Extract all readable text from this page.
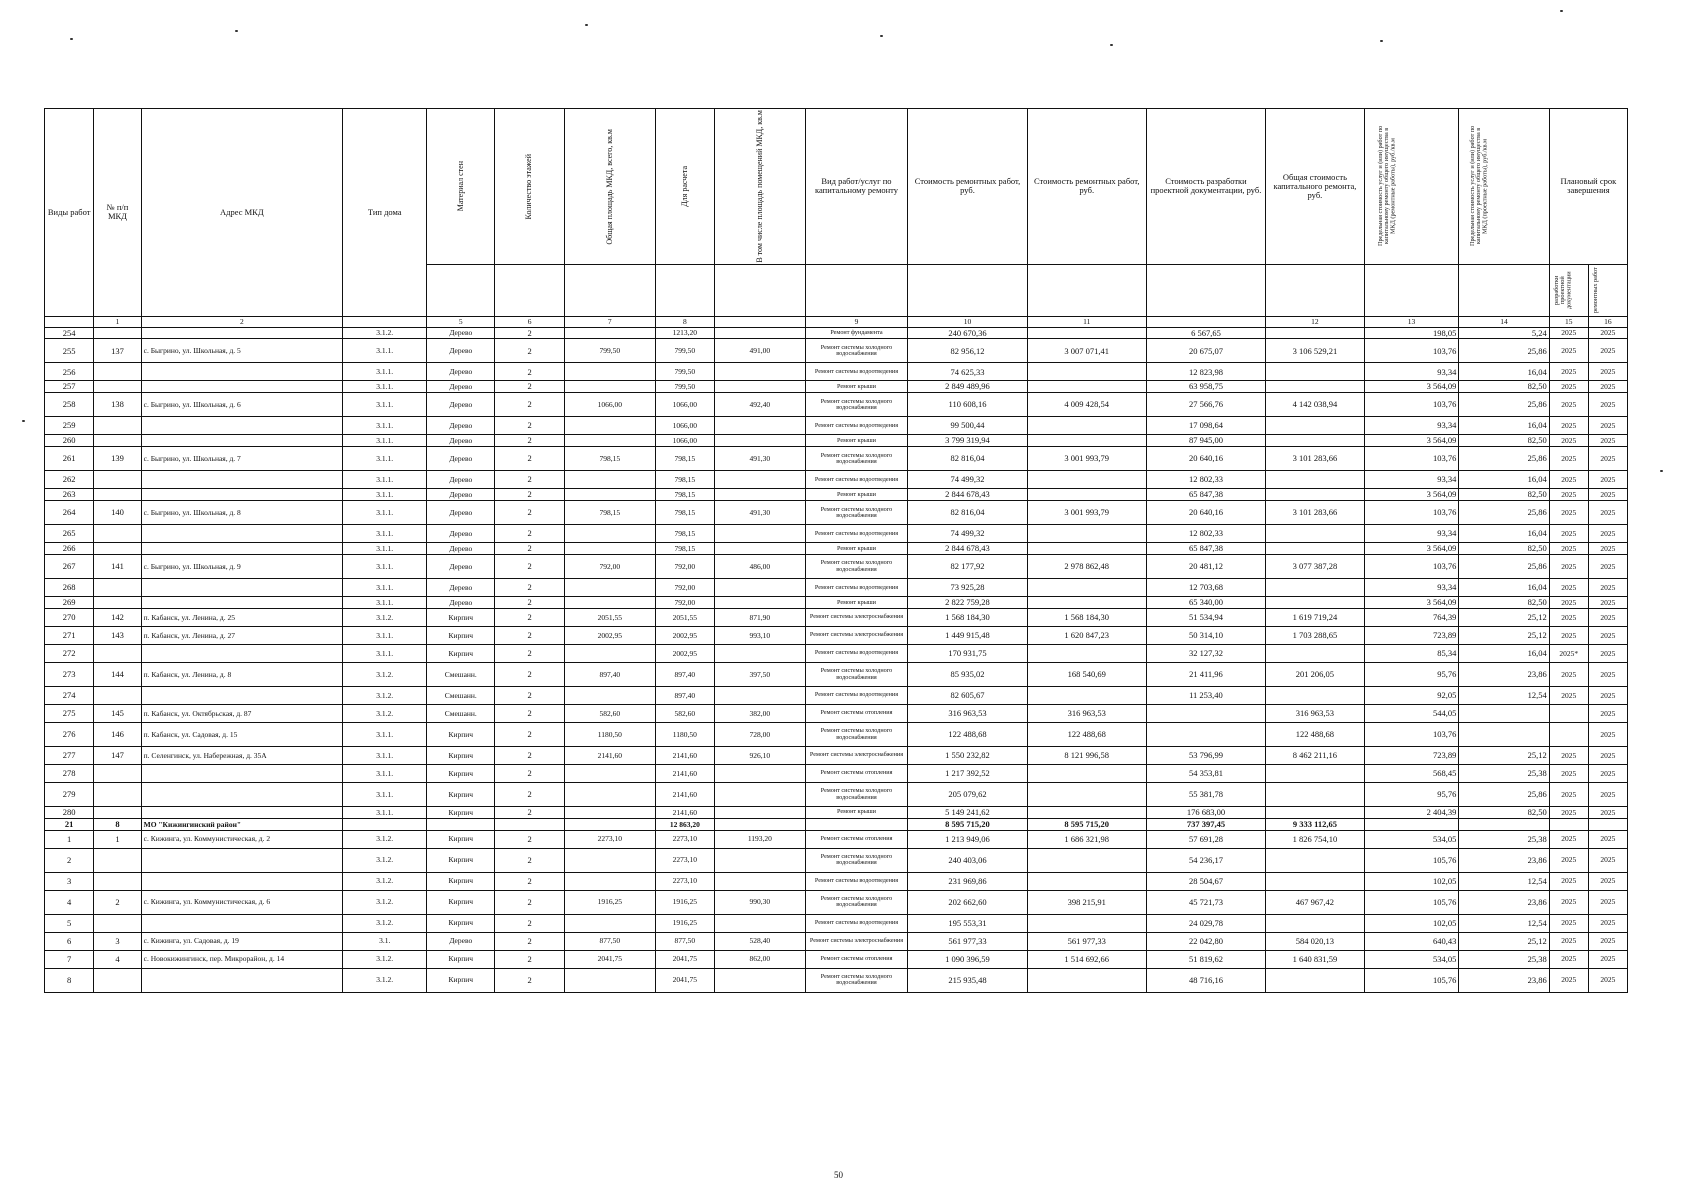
Виды работ	№ п/п МКД	Адрес МКД	Тип дома	Материал стен	Количество этажей	Общая площадь МКД, всего, кв.м	Для расчета	В том числе площадь помещений МКД, кв.м	Вид работ/услуг по капитальному ремонту	Стоимость ремонтных работ, руб.	Стоимость ремонтных работ, руб.	Стоимость разработки проектной документации, руб.	Общая стоимость капитального ремонта, руб.	Предельная стоимость услуг и (или) работ по капитальному ремонту общего имущества в МКД (ремонтные работы), руб./кв.м	Предельная стоимость услуг и (или) работ по капитальному ремонту общего имущества в МКД (проектные работы), руб./кв.м	Плановый срок завершения	

																разработки проектной документации	ремонтных работ

	1	2		5	6	7	8		9	10	11		12	13	14	15	16
254			3.1.2.	Дерево	2		1213,20		Ремонт фундамента	240 670,36		6 567,65		198,05	5,24	2025	2025
255	137	с. Быгрино, ул. Школьная, д. 5	3.1.1.	Дерево	2	799,50	799,50	491,00	Ремонт системы холодного водоснабжения	82 956,12	3 007 071,41	20 675,07	3 106 529,21	103,76	25,86	2025	2025
256			3.1.1.	Дерево	2		799,50		Ремонт системы водоотведения	74 625,33		12 823,98		93,34	16,04	2025	2025
257			3.1.1.	Дерево	2		799,50		Ремонт крыши	2 849 489,96		63 958,75		3 564,09	82,50	2025	2025
258	138	с. Быгрино, ул. Школьная, д. 6	3.1.1.	Дерево	2	1066,00	1066,00	492,40	Ремонт системы холодного водоснабжения	110 608,16	4 009 428,54	27 566,76	4 142 038,94	103,76	25,86	2025	2025
259			3.1.1.	Дерево	2		1066,00		Ремонт системы водоотведения	99 500,44		17 098,64		93,34	16,04	2025	2025
260			3.1.1.	Дерево	2		1066,00		Ремонт крыши	3 799 319,94		87 945,00		3 564,09	82,50	2025	2025
261	139	с. Быгрино, ул. Школьная, д. 7	3.1.1.	Дерево	2	798,15	798,15	491,30	Ремонт системы холодного водоснабжения	82 816,04	3 001 993,79	20 640,16	3 101 283,66	103,76	25,86	2025	2025
262			3.1.1.	Дерево	2		798,15		Ремонт системы водоотведения	74 499,32		12 802,33		93,34	16,04	2025	2025
263			3.1.1.	Дерево	2		798,15		Ремонт крыши	2 844 678,43		65 847,38		3 564,09	82,50	2025	2025
264	140	с. Быгрино, ул. Школьная, д. 8	3.1.1.	Дерево	2	798,15	798,15	491,30	Ремонт системы холодного водоснабжения	82 816,04	3 001 993,79	20 640,16	3 101 283,66	103,76	25,86	2025	2025
265			3.1.1.	Дерево	2		798,15		Ремонт системы водоотведения	74 499,32		12 802,33		93,34	16,04	2025	2025
266			3.1.1.	Дерево	2		798,15		Ремонт крыши	2 844 678,43		65 847,38		3 564,09	82,50	2025	2025
267	141	с. Быгрино, ул. Школьная, д. 9	3.1.1.	Дерево	2	792,00	792,00	486,00	Ремонт системы холодного водоснабжения	82 177,92	2 978 862,48	20 481,12	3 077 387,28	103,76	25,86	2025	2025
268			3.1.1.	Дерево	2		792,00		Ремонт системы водоотведения	73 925,28		12 703,68		93,34	16,04	2025	2025
269			3.1.1.	Дерево	2		792,00		Ремонт крыши	2 822 759,28		65 340,00		3 564,09	82,50	2025	2025
270	142	п. Кабанск, ул. Ленина, д. 25	3.1.2.	Кирпич	2	2051,55	2051,55	871,90	Ремонт системы электроснабжения	1 568 184,30	1 568 184,30	51 534,94	1 619 719,24	764,39	25,12	2025	2025
271	143	п. Кабанск, ул. Ленина, д. 27	3.1.1.	Кирпич	2	2002,95	2002,95	993,10	Ремонт системы электроснабжения	1 449 915,48	1 620 847,23	50 314,10	1 703 288,65	723,89	25,12	2025	2025
272			3.1.1.	Кирпич	2		2002,95		Ремонт системы водоотведения	170 931,75		32 127,32		85,34	16,04	2025*	2025
273	144	п. Кабанск, ул. Ленина, д. 8	3.1.2.	Смешанн.	2	897,40	897,40	397,50	Ремонт системы холодного водоснабжения	85 935,02	168 540,69	21 411,96	201 206,05	95,76	23,86	2025	2025
274			3.1.2.	Смешанн.	2		897,40		Ремонт системы водоотведения	82 605,67		11 253,40		92,05	12,54	2025	2025
275	145	п. Кабанск, ул. Октябрьская, д. 87	3.1.2.	Смешанн.	2	582,60	582,60	382,00	Ремонт системы отопления	316 963,53	316 963,53		316 963,53	544,05			2025
276	146	п. Кабанск, ул. Садовая, д. 15	3.1.1.	Кирпич	2	1180,50	1180,50	728,00	Ремонт системы холодного водоснабжения	122 488,68	122 488,68		122 488,68	103,76			2025
277	147	п. Селенгинск, ул. Набережная, д. 35А	3.1.1.	Кирпич	2	2141,60	2141,60	926,10	Ремонт системы электроснабжения	1 550 232,82	8 121 996,58	53 796,99	8 462 211,16	723,89	25,12	2025	2025
278			3.1.1.	Кирпич	2		2141,60		Ремонт системы отопления	1 217 392,52		54 353,81		568,45	25,38	2025	2025
279			3.1.1.	Кирпич	2		2141,60		Ремонт системы холодного водоснабжения	205 079,62		55 381,78		95,76	25,86	2025	2025
280			3.1.1.	Кирпич	2		2141,60		Ремонт крыши	5 149 241,62		176 683,00		2 404,39	82,50	2025	2025
21	8	МО "Кижингинский район"					12 863,20			8 595 715,20	8 595 715,20	737 397,45	9 333 112,65				
1	1	с. Кижинга, ул. Коммунистическая, д. 2	3.1.2.	Кирпич	2	2273,10	2273,10	1193,20	Ремонт системы отопления	1 213 949,06	1 686 321,98	57 691,28	1 826 754,10	534,05	25,38	2025	2025
2			3.1.2.	Кирпич	2		2273,10		Ремонт системы холодного водоснабжения	240 403,06		54 236,17		105,76	23,86	2025	2025
3			3.1.2.	Кирпич	2		2273,10		Ремонт системы водоотведения	231 969,86		28 504,67		102,05	12,54	2025	2025
4	2	с. Кижинга, ул. Коммунистическая, д. 6	3.1.2.	Кирпич	2	1916,25	1916,25	990,30	Ремонт системы холодного водоснабжения	202 662,60	398 215,91	45 721,73	467 967,42	105,76	23,86	2025	2025
5			3.1.2.	Кирпич	2		1916,25		Ремонт системы водоотведения	195 553,31		24 029,78		102,05	12,54	2025	2025
6	3	с. Кижинга, ул. Садовая, д. 19	3.1.	Дерево	2	877,50	877,50	528,40	Ремонт системы электроснабжения	561 977,33	561 977,33	22 042,80	584 020,13	640,43	25,12	2025	2025
7	4	с. Новокижингинск, пер. Микрорайон, д. 14	3.1.2.	Кирпич	2	2041,75	2041,75	862,00	Ремонт системы отопления	1 090 396,59	1 514 692,66	51 819,62	1 640 831,59	534,05	25,38	2025	2025
8			3.1.2.	Кирпич	2		2041,75		Ремонт системы холодного водоснабжения	215 935,48		48 716,16		105,76	23,86	2025	2025
50
